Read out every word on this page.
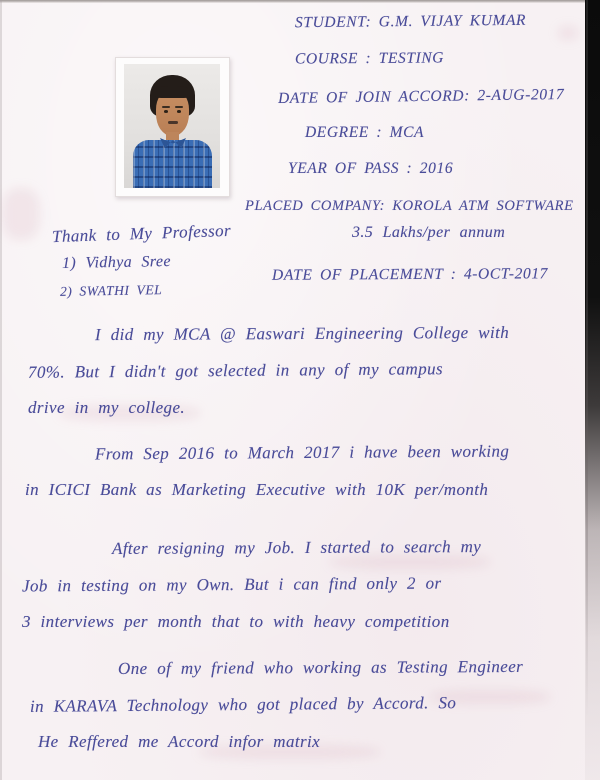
STUDENT: G.M. VIJAY KUMAR
COURSE : TESTING
DATE OF JOIN ACCORD: 2-AUG-2017
DEGREE : MCA
YEAR OF PASS : 2016
PLACED COMPANY: KOROLA ATM SOFTWARE
3.5 Lakhs/per annum
DATE OF PLACEMENT : 4-OCT-2017
Thank to My Professor
1) Vidhya Sree
2) SWATHI VEL
I did my MCA @ Easwari Engineering College with
70%. But I didn't got selected in any of my campus
drive in my college.
From Sep 2016 to March 2017 i have been working
in ICICI Bank as Marketing Executive with 10K per/month
After resigning my Job. I started to search my
Job in testing on my Own. But i can find only 2 or
3 interviews per month that to with heavy competition
One of my friend who working as Testing Engineer
in KARAVA Technology who got placed by Accord. So
He Reffered me Accord infor matrix
